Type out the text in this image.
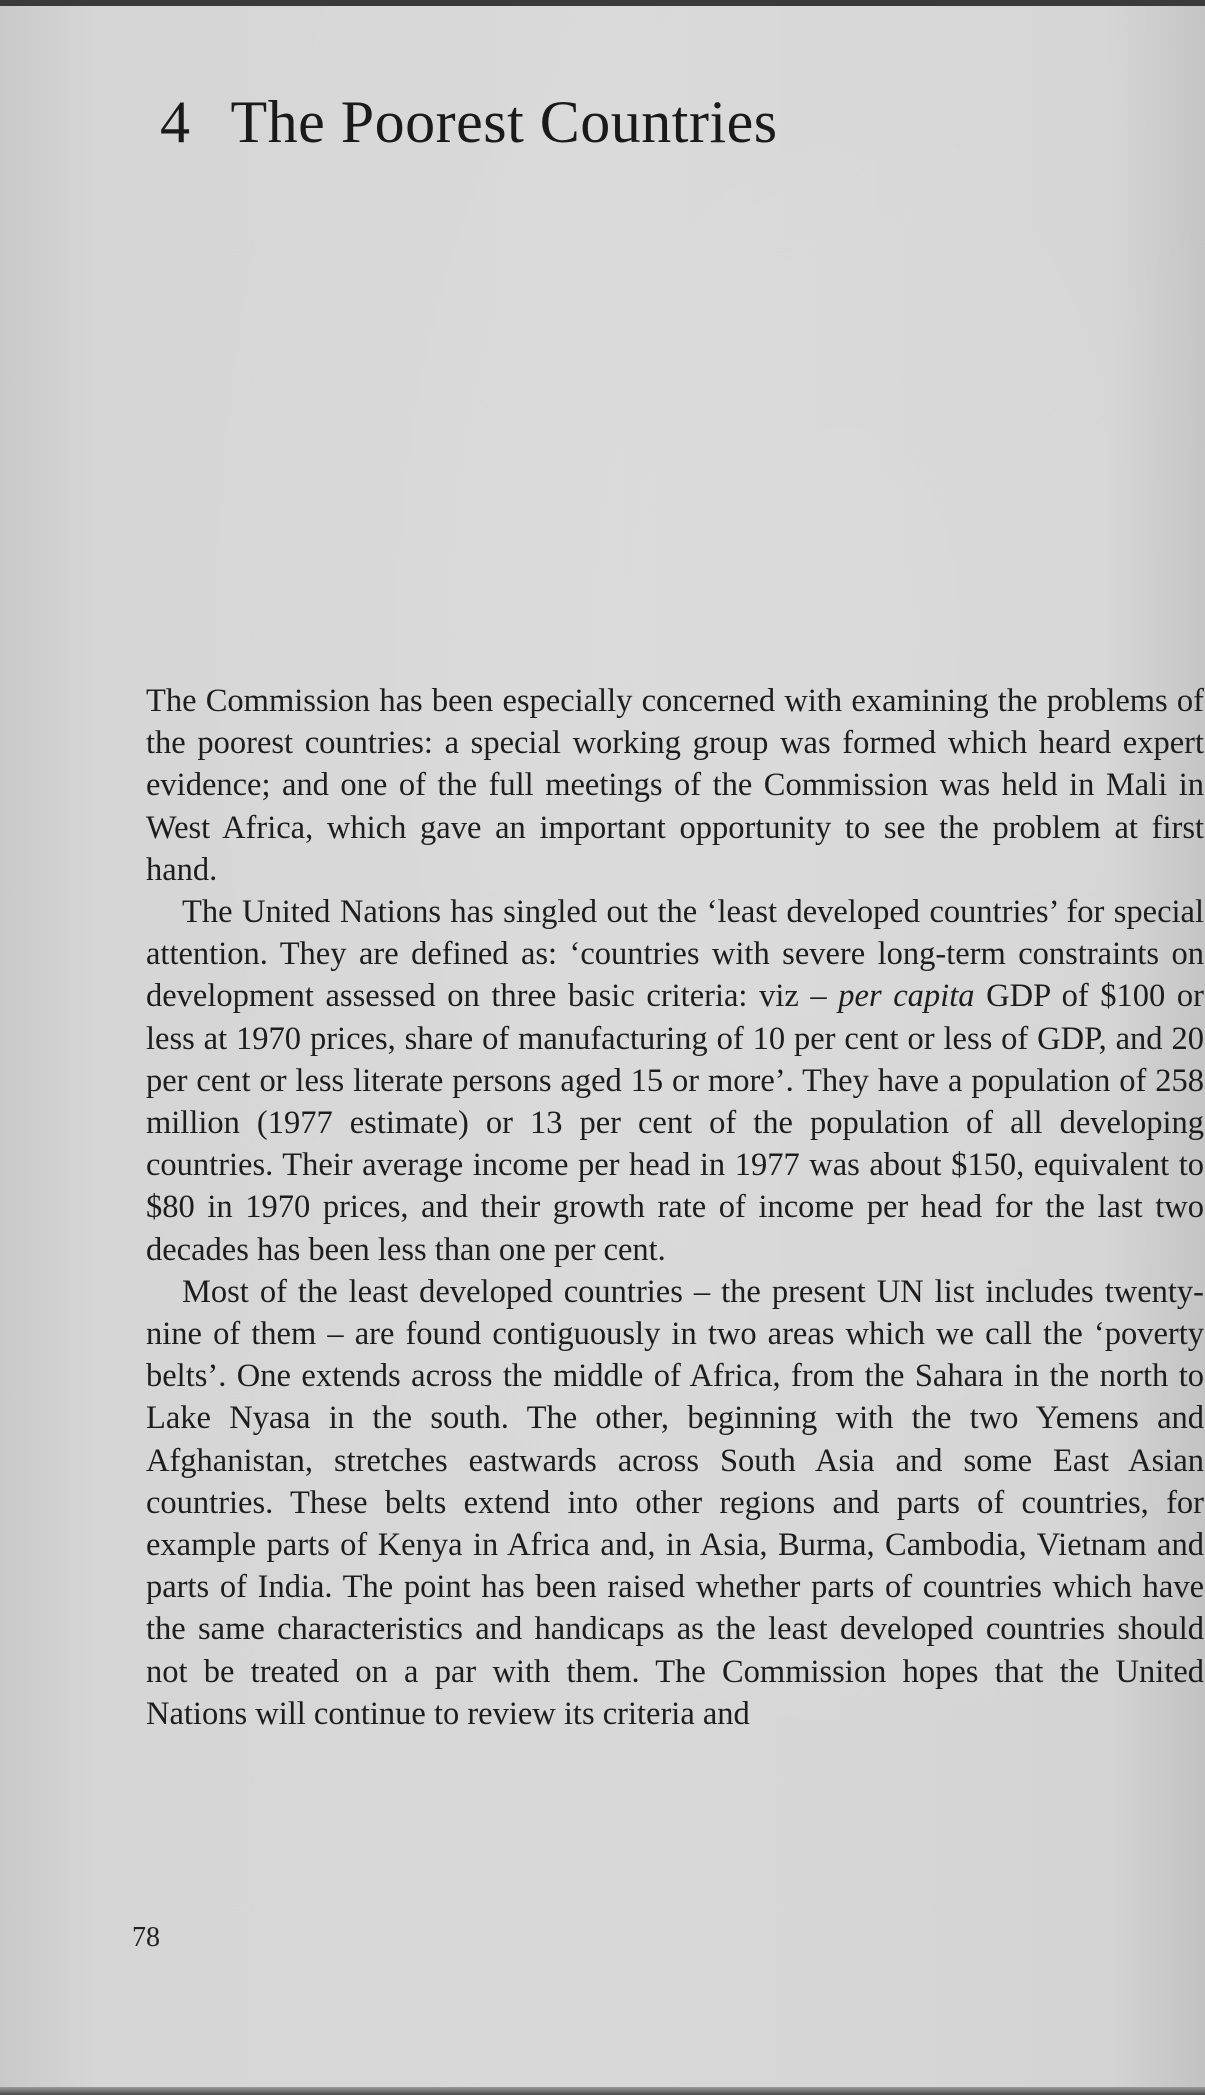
4 The Poorest Countries

The Commission has been especially concerned with examining the problems of the poorest countries: a special working group was formed which heard expert evidence; and one of the full meetings of the Commission was held in Mali in West Africa, which gave an important opportunity to see the problem at first hand.

The United Nations has singled out the ‘least developed countries’ for special attention. They are defined as: ‘countries with severe long-term constraints on development assessed on three basic criteria: viz – per capita GDP of $100 or less at 1970 prices, share of manufacturing of 10 per cent or less of GDP, and 20 per cent or less literate persons aged 15 or more’. They have a population of 258 million (1977 estimate) or 13 per cent of the population of all developing countries. Their average income per head in 1977 was about $150, equivalent to $80 in 1970 prices, and their growth rate of income per head for the last two decades has been less than one per cent.

Most of the least developed countries – the present UN list includes twenty-nine of them – are found contiguously in two areas which we call the ‘poverty belts’. One extends across the middle of Africa, from the Sahara in the north to Lake Nyasa in the south. The other, beginning with the two Yemens and Afghanistan, stretches eastwards across South Asia and some East Asian countries. These belts extend into other regions and parts of countries, for example parts of Kenya in Africa and, in Asia, Burma, Cambodia, Vietnam and parts of India. The point has been raised whether parts of countries which have the same characteristics and handicaps as the least developed countries should not be treated on a par with them. The Commission hopes that the United Nations will continue to review its criteria and

78
